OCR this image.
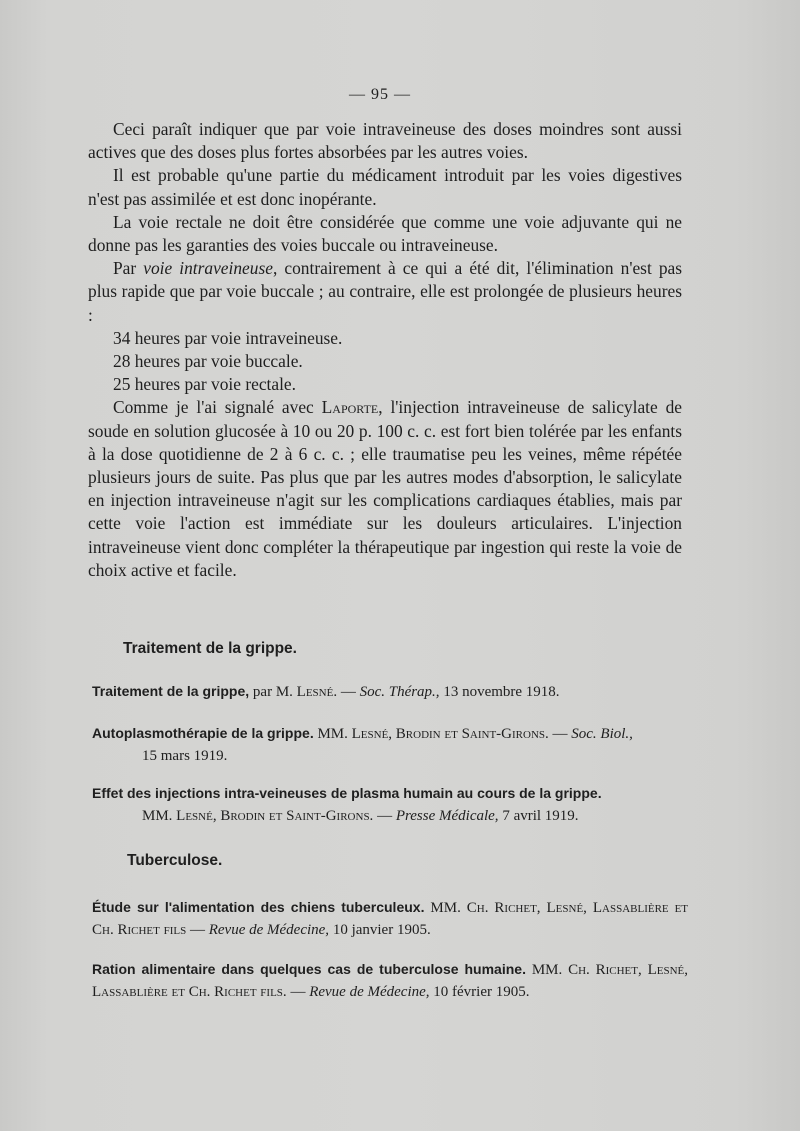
— 95 —

Ceci paraît indiquer que par voie intraveineuse des doses moindres sont aussi actives que des doses plus fortes absorbées par les autres voies.

Il est probable qu'une partie du médicament introduit par les voies digestives n'est pas assimilée et est donc inopérante.

La voie rectale ne doit être considérée que comme une voie adjuvante qui ne donne pas les garanties des voies buccale ou intraveineuse.

Par voie intraveineuse, contrairement à ce qui a été dit, l'élimination n'est pas plus rapide que par voie buccale ; au contraire, elle est prolongée de plusieurs heures :

34 heures par voie intraveineuse.

28 heures par voie buccale.

25 heures par voie rectale.

Comme je l'ai signalé avec Laporte, l'injection intraveineuse de salicylate de soude en solution glucosée à 10 ou 20 p. 100 c. c. est fort bien tolérée par les enfants à la dose quotidienne de 2 à 6 c. c. ; elle traumatise peu les veines, même répétée plusieurs jours de suite. Pas plus que par les autres modes d'absorption, le salicylate en injection intraveineuse n'agit sur les complications cardiaques établies, mais par cette voie l'action est immédiate sur les douleurs articulaires. L'injection intraveineuse vient donc compléter la thérapeutique par ingestion qui reste la voie de choix active et facile.

Traitement de la grippe.
Traitement de la grippe, par M. Lesné. — Soc. Thérap., 13 novembre 1918.
Autoplasmothérapie de la grippe. MM. Lesné, Brodin et Saint-Girons. — Soc. Biol.,
15 mars 1919.
Effet des injections intra-veineuses de plasma humain au cours de la grippe.
MM. Lesné, Brodin et Saint-Girons. — Presse Médicale, 7 avril 1919.
Tuberculose.
Étude sur l'alimentation des chiens tuberculeux. MM. Ch. Richet, Lesné, Lassablière et Ch. Richet fils — Revue de Médecine, 10 janvier 1905.
Ration alimentaire dans quelques cas de tuberculose humaine. MM. Ch. Richet, Lesné, Lassablière et Ch. Richet fils. — Revue de Médecine, 10 février 1905.
